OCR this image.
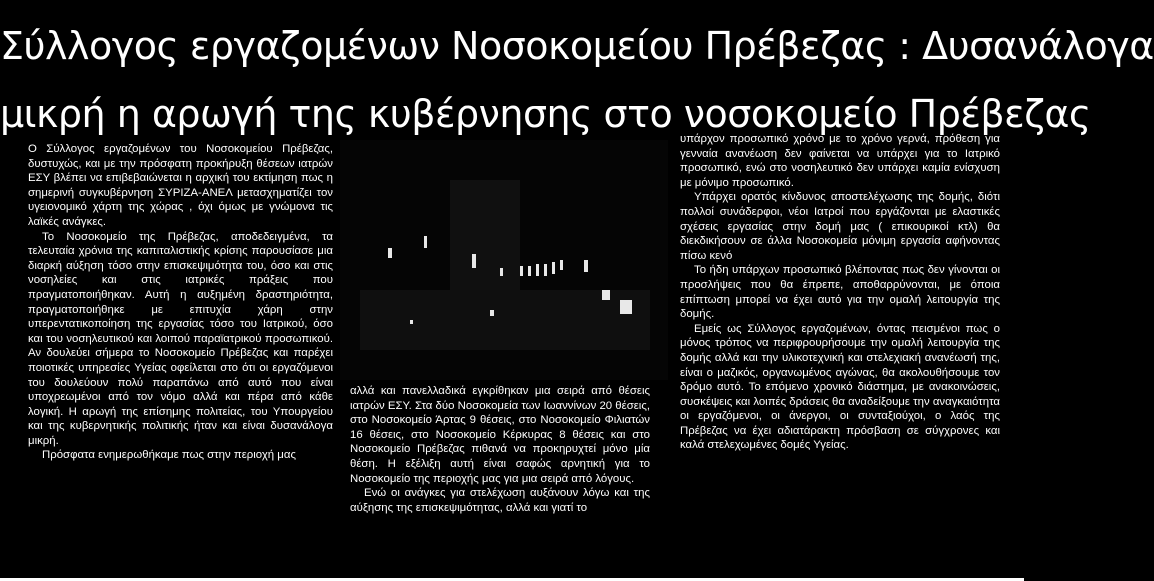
Σύλλογος εργαζομένων Νοσοκομείου Πρέβεζας : Δυσανάλογα
μικρή η αρωγή της κυβέρνησης στο νοσοκομείο Πρέβεζας

Ο Σύλλογος εργαζομένων του Νοσοκομείου Πρέβεζας, δυστυχώς, και με την πρόσφατη προκήρυξη θέσεων ιατρών ΕΣΥ βλέπει να επιβεβαιώνεται η αρχική του εκτίμηση πως η σημερινή συγκυβέρνηση ΣΥΡΙΖΑ-ΑΝΕΛ μετασχηματίζει τον υγειονομικό χάρτη της χώρας , όχι όμως με γνώμονα τις λαϊκές ανάγκες.

Το Νοσοκομείο της Πρέβεζας, αποδεδειγμένα, τα τελευταία χρόνια της καπιταλιστικής κρίσης παρουσίασε μια διαρκή αύξηση τόσο στην επισκεψιμότητα του, όσο και στις νοσηλείες και στις ιατρικές πράξεις που πραγματοποιήθηκαν. Αυτή η αυξημένη δραστηριότητα, πραγματοποιήθηκε με επιτυχία χάρη στην υπερεντατικοποίηση της εργασίας τόσο του Ιατρικού, όσο και του νοσηλευτικού και λοιπού παραϊατρικού προσωπικού. Αν δουλεύει σήμερα το Νοσοκομείο Πρέβεζας και παρέχει ποιοτικές υπηρεσίες Υγείας οφείλεται στο ότι οι εργαζόμενοι του δουλεύουν πολύ παραπάνω από αυτό που είναι υποχρεωμένοι από τον νόμο αλλά και πέρα από κάθε λογική. Η αρωγή της επίσημης πολιτείας, του Υπουργείου και της κυβερνητικής πολιτικής ήταν και είναι δυσανάλογα μικρή.

Πρόσφατα ενημερωθήκαμε πως στην περιοχή μας

αλλά και πανελλαδικά εγκρίθηκαν μια σειρά από θέσεις ιατρών ΕΣΥ. Στα δύο Νοσοκομεία των Ιωαννίνων 20 θέσεις, στο Νοσοκομείο Άρτας 9 θέσεις, στο Νοσοκομείο Φιλιατών 16 θέσεις, στο Νοσοκομείο Κέρκυρας 8 θέσεις και στο Νοσοκομείο Πρέβεζας πιθανά να προκηρυχτεί μόνο μία θέση. Η εξέλιξη αυτή είναι σαφώς αρνητική για το Νοσοκομείο της περιοχής μας για μια σειρά από λόγους.

Ενώ οι ανάγκες για στελέχωση αυξάνουν λόγω και της αύξησης της επισκεψιμότητας, αλλά και γιατί το

υπάρχον προσωπικό χρόνο με το χρόνο γερνά, πρόθεση για γενναία ανανέωση δεν φαίνεται να υπάρχει για το Ιατρικό προσωπικό, ενώ στο νοσηλευτικό δεν υπάρχει καμία ενίσχυση με μόνιμο προσωπικό.

Υπάρχει ορατός κίνδυνος αποστελέχωσης της δομής, διότι πολλοί συνάδερφοι, νέοι Ιατροί που εργάζονται με ελαστικές σχέσεις εργασίας στην δομή μας ( επικουρικοί κτλ) θα διεκδικήσουν σε άλλα Νοσοκομεία μόνιμη εργασία αφήνοντας πίσω κενό

Το ήδη υπάρχων προσωπικό βλέποντας πως δεν γίνονται οι προσλήψεις που θα έπρεπε, αποθαρρύνονται, με όποια επίπτωση μπορεί να έχει αυτό για την ομαλή λειτουργία της δομής.

Εμείς ως Σύλλογος εργαζομένων, όντας πεισμένοι πως ο μόνος τρόπος να περιφρουρήσουμε την ομαλή λειτουργία της δομής αλλά και την υλικοτεχνική και στελεχιακή ανανέωσή της, είναι ο μαζικός, οργανωμένος αγώνας, θα ακολουθήσουμε τον δρόμο αυτό. Το επόμενο χρονικό διάστημα, με ανακοινώσεις, συσκέψεις και λοιπές δράσεις θα αναδείξουμε την αναγκαιότητα οι εργαζόμενοι, οι άνεργοι, οι συνταξιούχοι, ο λαός της Πρέβεζας να έχει αδιατάρακτη πρόσβαση σε σύγχρονες και καλά στελεχωμένες δομές Υγείας.
